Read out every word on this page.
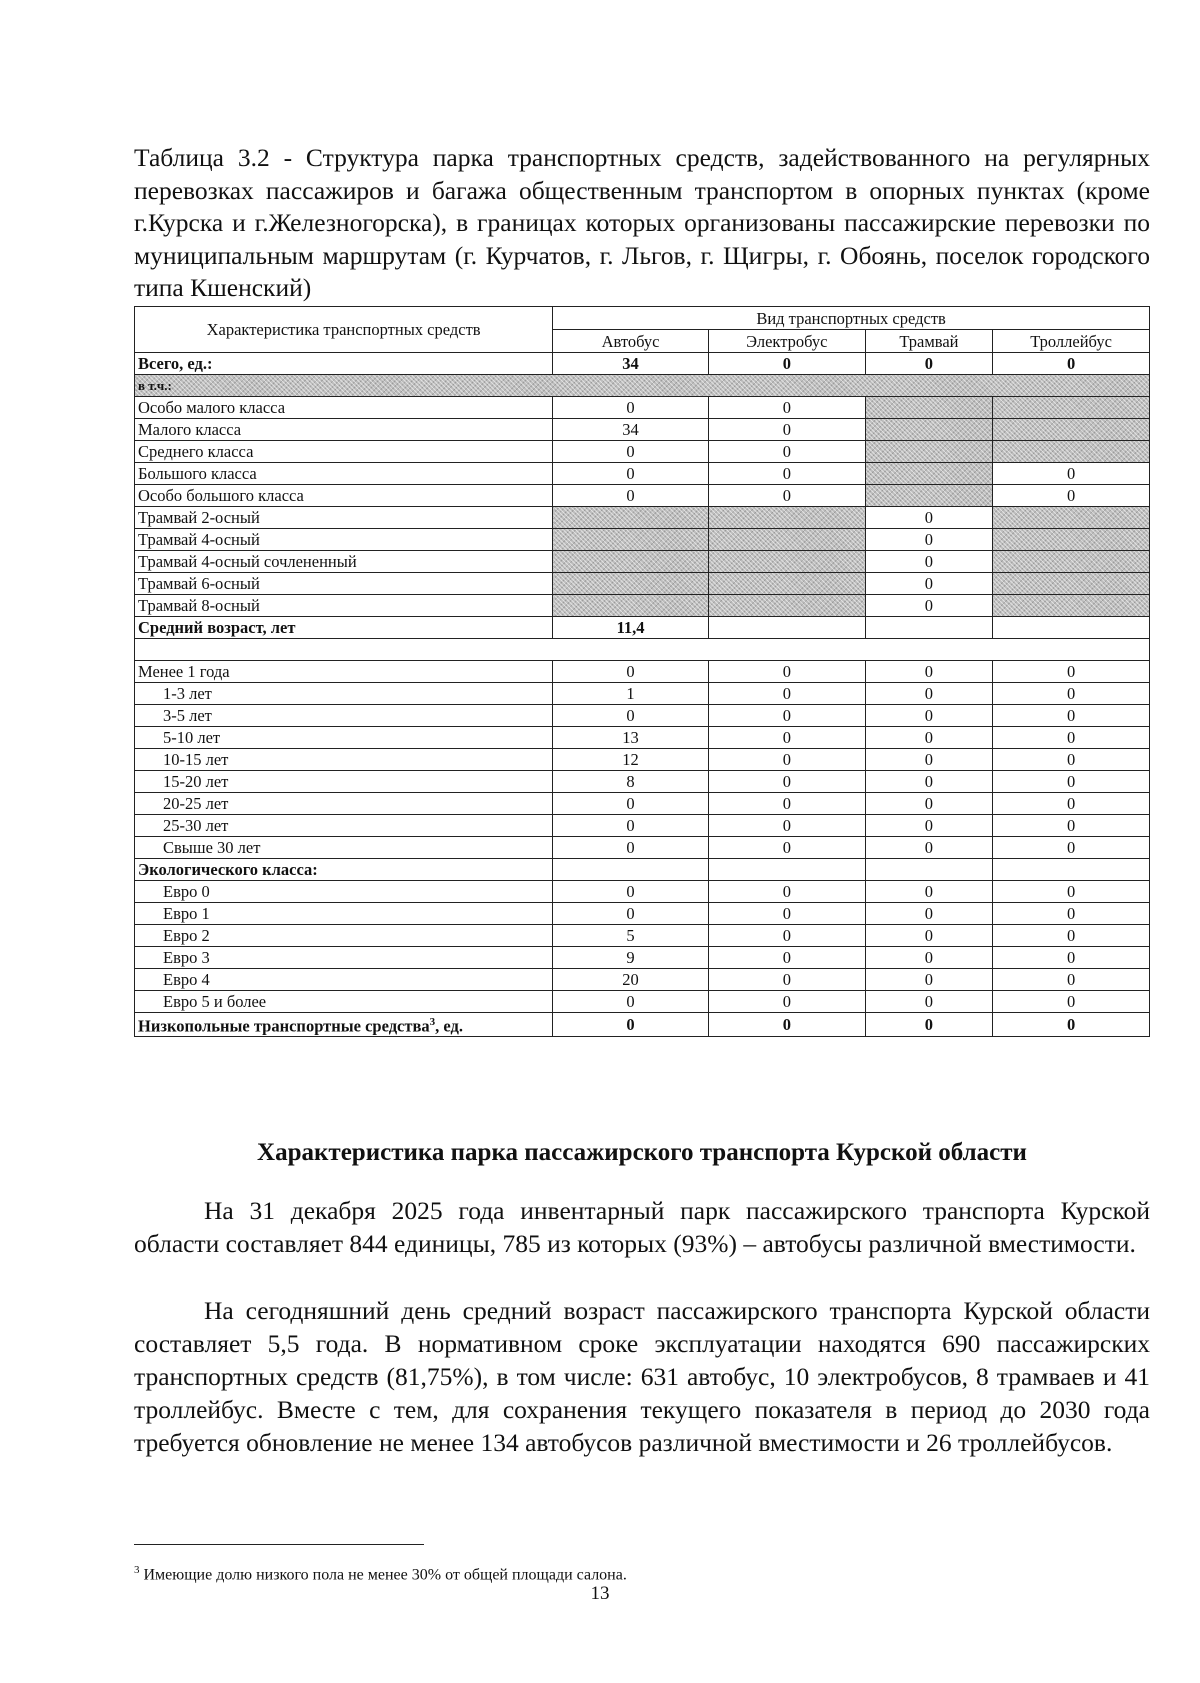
Таблица 3.2 - Структура парка транспортных средств, задействованного на регулярных перевозках пассажиров и багажа общественным транспортом в опорных пунктах (кроме г.Курска и г.Железногорска), в границах которых организованы пассажирские перевозки по муниципальным маршрутам (г. Курчатов, г. Льгов, г. Щигры, г. Обоянь, поселок городского типа Кшенский)
Характеристика транспортных средств	Вид транспортных средств			
	Автобус	Электробус	Трамвай	Троллейбус
Всего, ед.:	34	0	0	0
в т.ч.:				
Особо малого класса	0	0		
Малого класса	34	0		
Среднего класса	0	0		
Большого класса	0	0		0
Особо большого класса	0	0		0
Трамвай 2-осный			0	
Трамвай 4-осный			0	
Трамвай 4-осный сочлененный			0	
Трамвай 6-осный			0	
Трамвай 8-осный			0	
Средний возраст, лет	11,4			

Менее 1 года	0	0	0	0
1-3 лет	1	0	0	0
3-5 лет	0	0	0	0
5-10 лет	13	0	0	0
10-15 лет	12	0	0	0
15-20 лет	8	0	0	0
20-25 лет	0	0	0	0
25-30 лет	0	0	0	0
Свыше 30 лет	0	0	0	0
Экологического класса:				
Евро 0	0	0	0	0
Евро 1	0	0	0	0
Евро 2	5	0	0	0
Евро 3	9	0	0	0
Евро 4	20	0	0	0
Евро 5 и более	0	0	0	0
Низкопольные транспортные средства$^3$, ед.	0	0	0	0
Характеристика парка пассажирского транспорта Курской области

На 31 декабря 2025 года инвентарный парк пассажирского транспорта Курской области составляет 844 единицы, 785 из которых (93%) – автобусы различной вместимости.

На сегодняшний день средний возраст пассажирского транспорта Курской области составляет 5,5 года. В нормативном сроке эксплуатации находятся 690 пассажирских транспортных средств (81,75%), в том числе: 631 автобус, 10 электробусов, 8 трамваев и 41 троллейбус. Вместе с тем, для сохранения текущего показателя в период до 2030 года требуется обновление не менее 134 автобусов различной вместимости и 26 троллейбусов.

$^3$ Имеющие долю низкого пола не менее 30% от общей площади салона.
13
